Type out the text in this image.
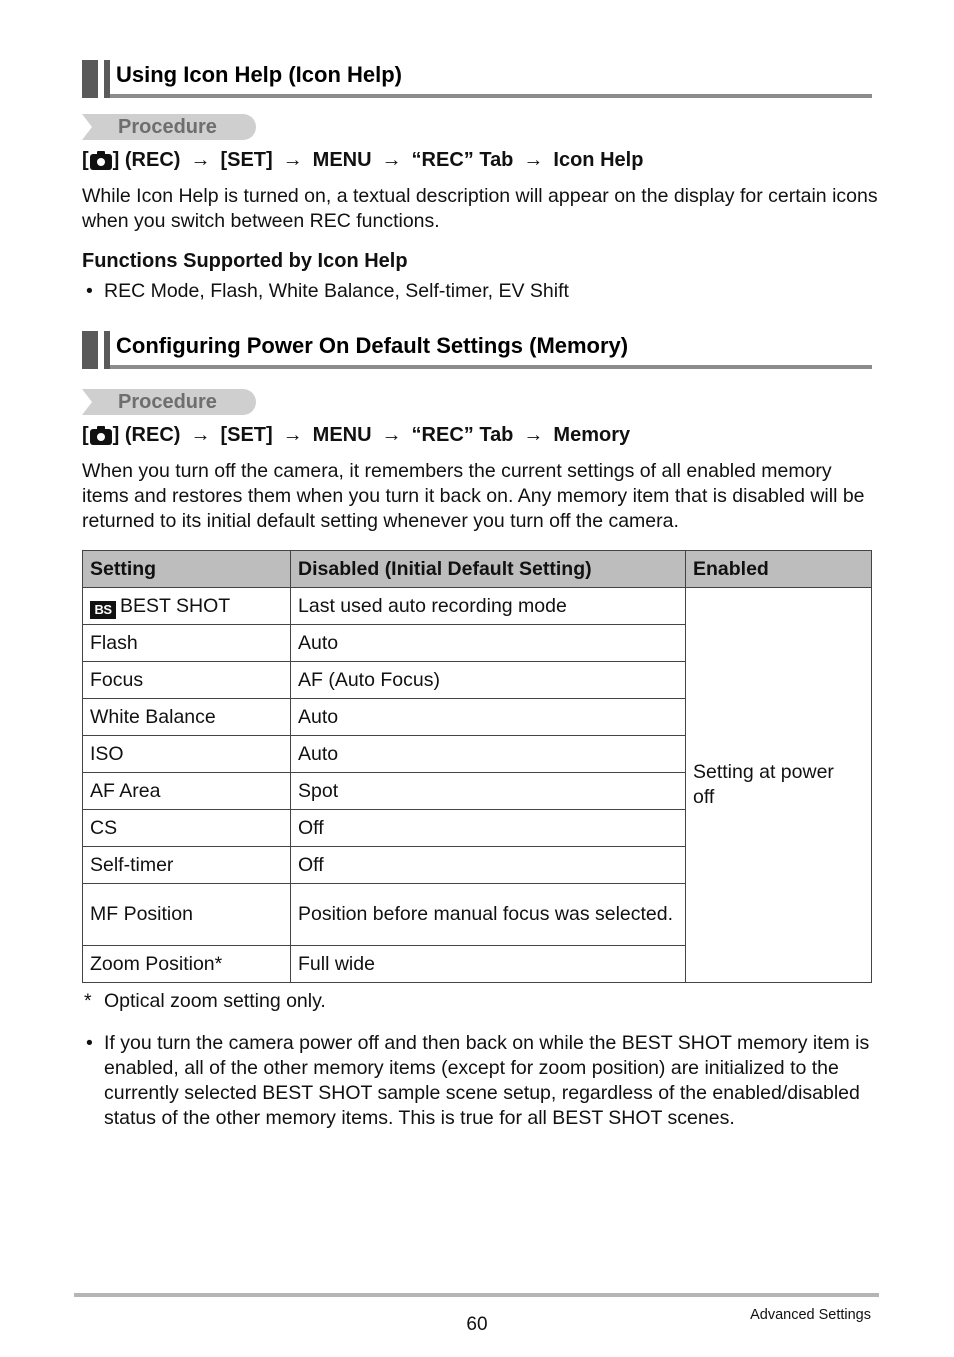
Using Icon Help (Icon Help)
Procedure
[ ] (REC) → [SET] → MENU → “REC” Tab → Icon Help
While Icon Help is turned on, a textual description will appear on the display for certain icons when you switch between REC functions.
Functions Supported by Icon Help
• REC Mode, Flash, White Balance, Self-timer, EV Shift
Configuring Power On Default Settings (Memory)
Procedure
[ ] (REC) → [SET] → MENU → “REC” Tab → Memory
When you turn off the camera, it remembers the current settings of all enabled memory items and restores them when you turn it back on. Any memory item that is disabled will be returned to its initial default setting whenever you turn off the camera.
Setting	Disabled (Initial Default Setting)	Enabled
BS BEST SHOT	Last used auto recording mode	Setting at power off
Flash	Auto	
Focus	AF (Auto Focus)	
White Balance	Auto	
ISO	Auto	
AF Area	Spot	
CS	Off	
Self-timer	Off	
MF Position	Position before manual focus was selected.	
Zoom Position*	Full wide	
* Optical zoom setting only.
• If you turn the camera power off and then back on while the BEST SHOT memory item is enabled, all of the other memory items (except for zoom position) are initialized to the currently selected BEST SHOT sample scene setup, regardless of the enabled/disabled status of the other memory items. This is true for all BEST SHOT scenes.
60	Advanced Settings
